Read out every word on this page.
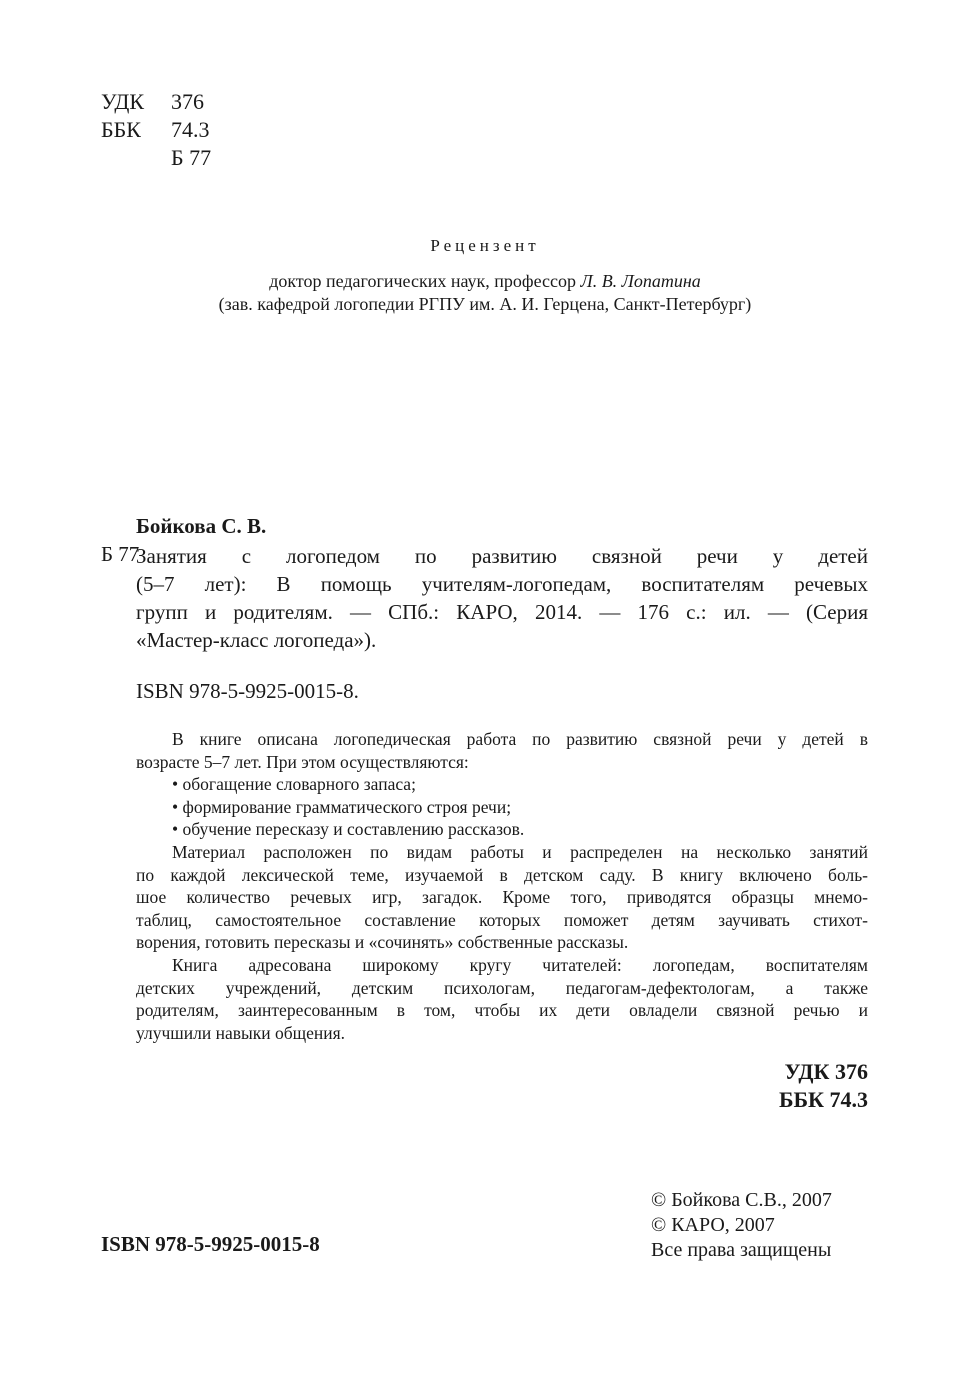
УДК	376
ББК	74.3
Б 77
Рецензент
доктор педагогических наук, профессор Л. В. Лопатина
(зав. кафедрой логопедии РГПУ им. А. И. Герцена, Санкт-Петербург)
Бойкова С. В.
Б 77
Занятия с логопедом по развитию связной речи у детей
(5–7 лет): В помощь учителям-логопедам, воспитателям речевых
групп и родителям. — СПб.: КАРО, 2014. — 176 с.: ил. — (Серия
«Мастер-класс логопеда»).
ISBN 978-5-9925-0015-8.
В книге описана логопедическая работа по развитию связной речи у детей в
возрасте 5–7 лет. При этом осуществляются:
• обогащение словарного запаса;
• формирование грамматического строя речи;
• обучение пересказу и составлению рассказов.
Материал расположен по видам работы и распределен на несколько занятий
по каждой лексической теме, изучаемой в детском саду. В книгу включено боль-
шое количество речевых игр, загадок. Кроме того, приводятся образцы мнемо-
таблиц, самостоятельное составление которых поможет детям заучивать стихот-
ворения, готовить пересказы и «сочинять» собственные рассказы.
Книга адресована широкому кругу читателей: логопедам, воспитателям
детских учреждений, детским психологам, педагогам-дефектологам, а также
родителям, заинтересованным в том, чтобы их дети овладели связной речью и
улучшили навыки общения.
УДК 376
ББК 74.3
© Бойкова С.В., 2007
© КАРО, 2007
Все права защищены
ISBN 978-5-9925-0015-8
